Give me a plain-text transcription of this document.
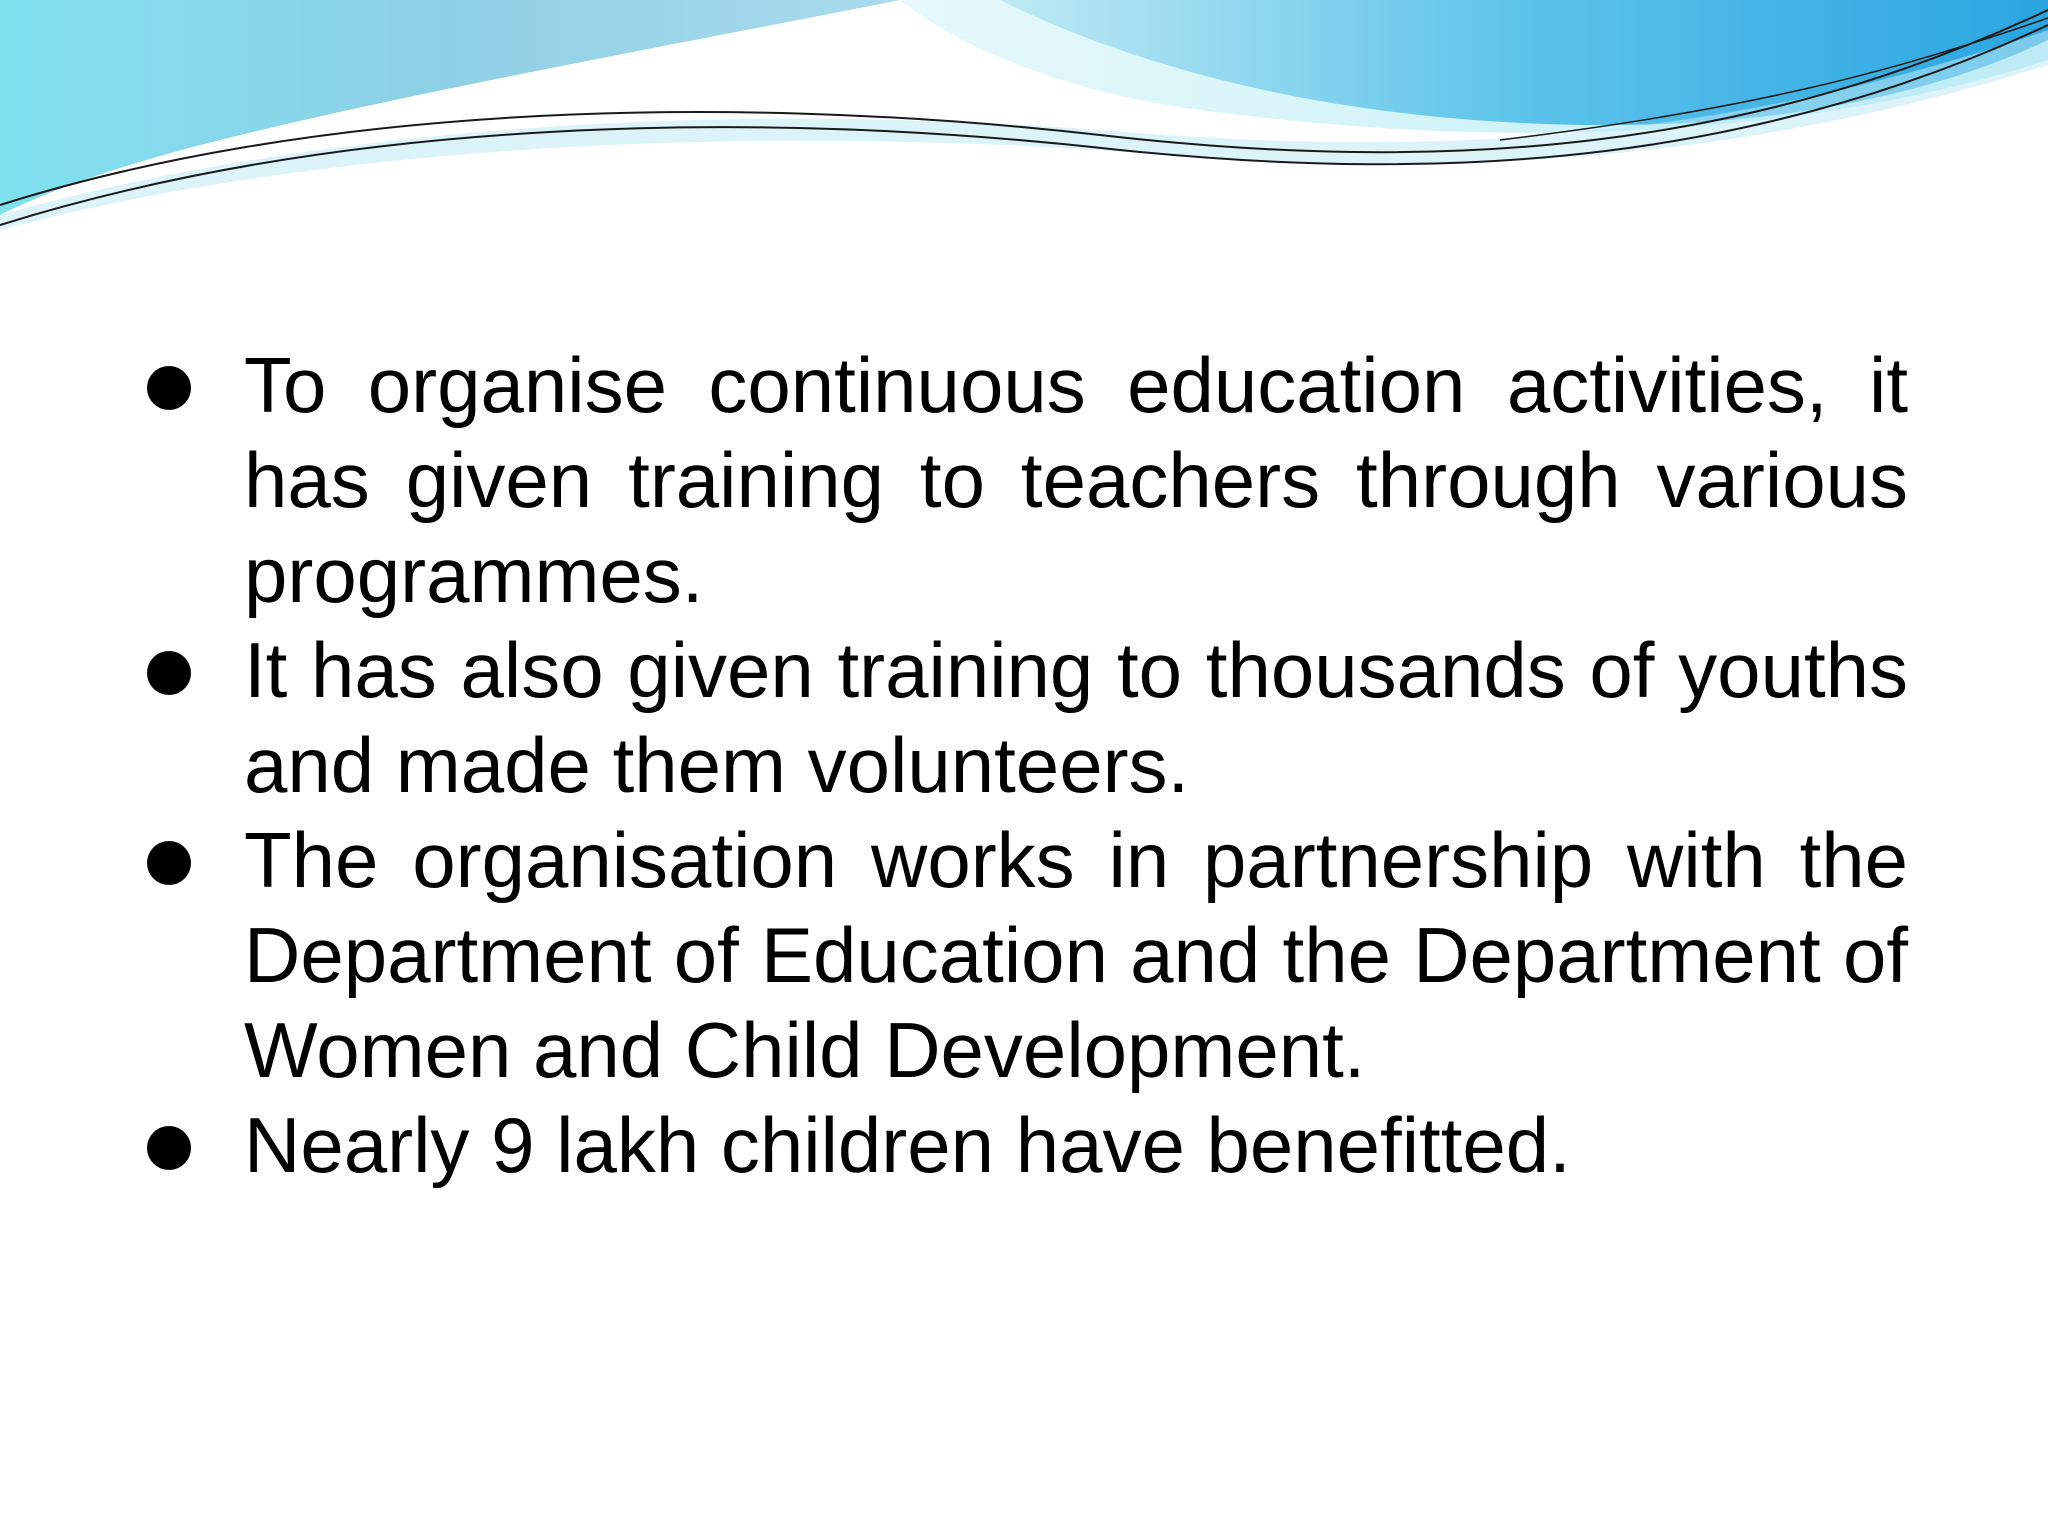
To organise continuous education activities, it has given training to teachers through various programmes.
It has also given training to thousands of youths and made them volunteers.
The organisation works in partnership with the Department of Education and the Department of Women and Child Development.
Nearly 9 lakh children have benefitted.
